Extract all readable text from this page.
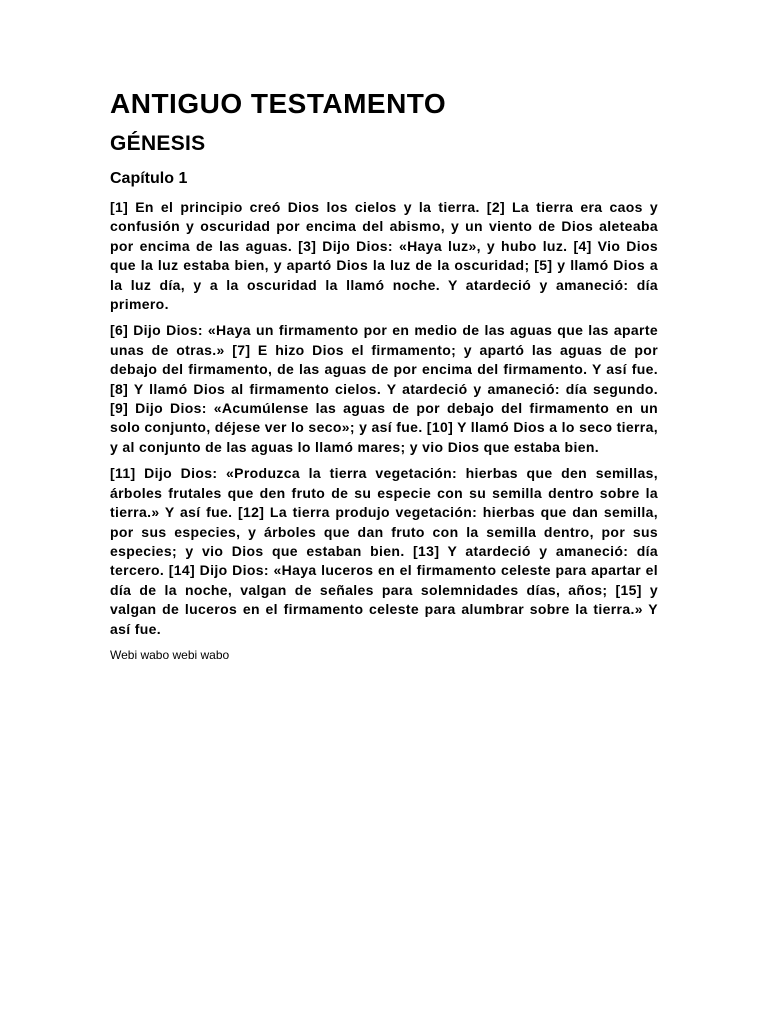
ANTIGUO TESTAMENTO
GÉNESIS
Capítulo 1

[1] En el principio creó Dios los cielos y la tierra. [2] La tierra era caos y confusión y oscuridad por encima del abismo, y un viento de Dios aleteaba por encima de las aguas. [3] Dijo Dios: «Haya luz», y hubo luz. [4] Vio Dios que la luz estaba bien, y apartó Dios la luz de la oscuridad; [5] y llamó Dios a la luz día, y a la oscuridad la llamó noche. Y atardeció y amaneció: día primero.

[6] Dijo Dios: «Haya un firmamento por en medio de las aguas que las aparte unas de otras.» [7] E hizo Dios el firmamento; y apartó las aguas de por debajo del firmamento, de las aguas de por encima del firmamento. Y así fue. [8] Y llamó Dios al firmamento cielos. Y atardeció y amaneció: día segundo. [9] Dijo Dios: «Acumúlense las aguas de por debajo del firmamento en un solo conjunto, déjese ver lo seco»; y así fue. [10] Y llamó Dios a lo seco tierra, y al conjunto de las aguas lo llamó mares; y vio Dios que estaba bien.

[11] Dijo Dios: «Produzca la tierra vegetación: hierbas que den semillas, árboles frutales que den fruto de su especie con su semilla dentro sobre la tierra.» Y así fue. [12] La tierra produjo vegetación: hierbas que dan semilla, por sus especies, y árboles que dan fruto con la semilla dentro, por sus especies; y vio Dios que estaban bien. [13] Y atardeció y amaneció: día tercero. [14] Dijo Dios: «Haya luceros en el firmamento celeste para apartar el día de la noche, valgan de señales para solemnidades días, años; [15] y valgan de luceros en el firmamento celeste para alumbrar sobre la tierra.» Y así fue.

Webi wabo webi wabo
